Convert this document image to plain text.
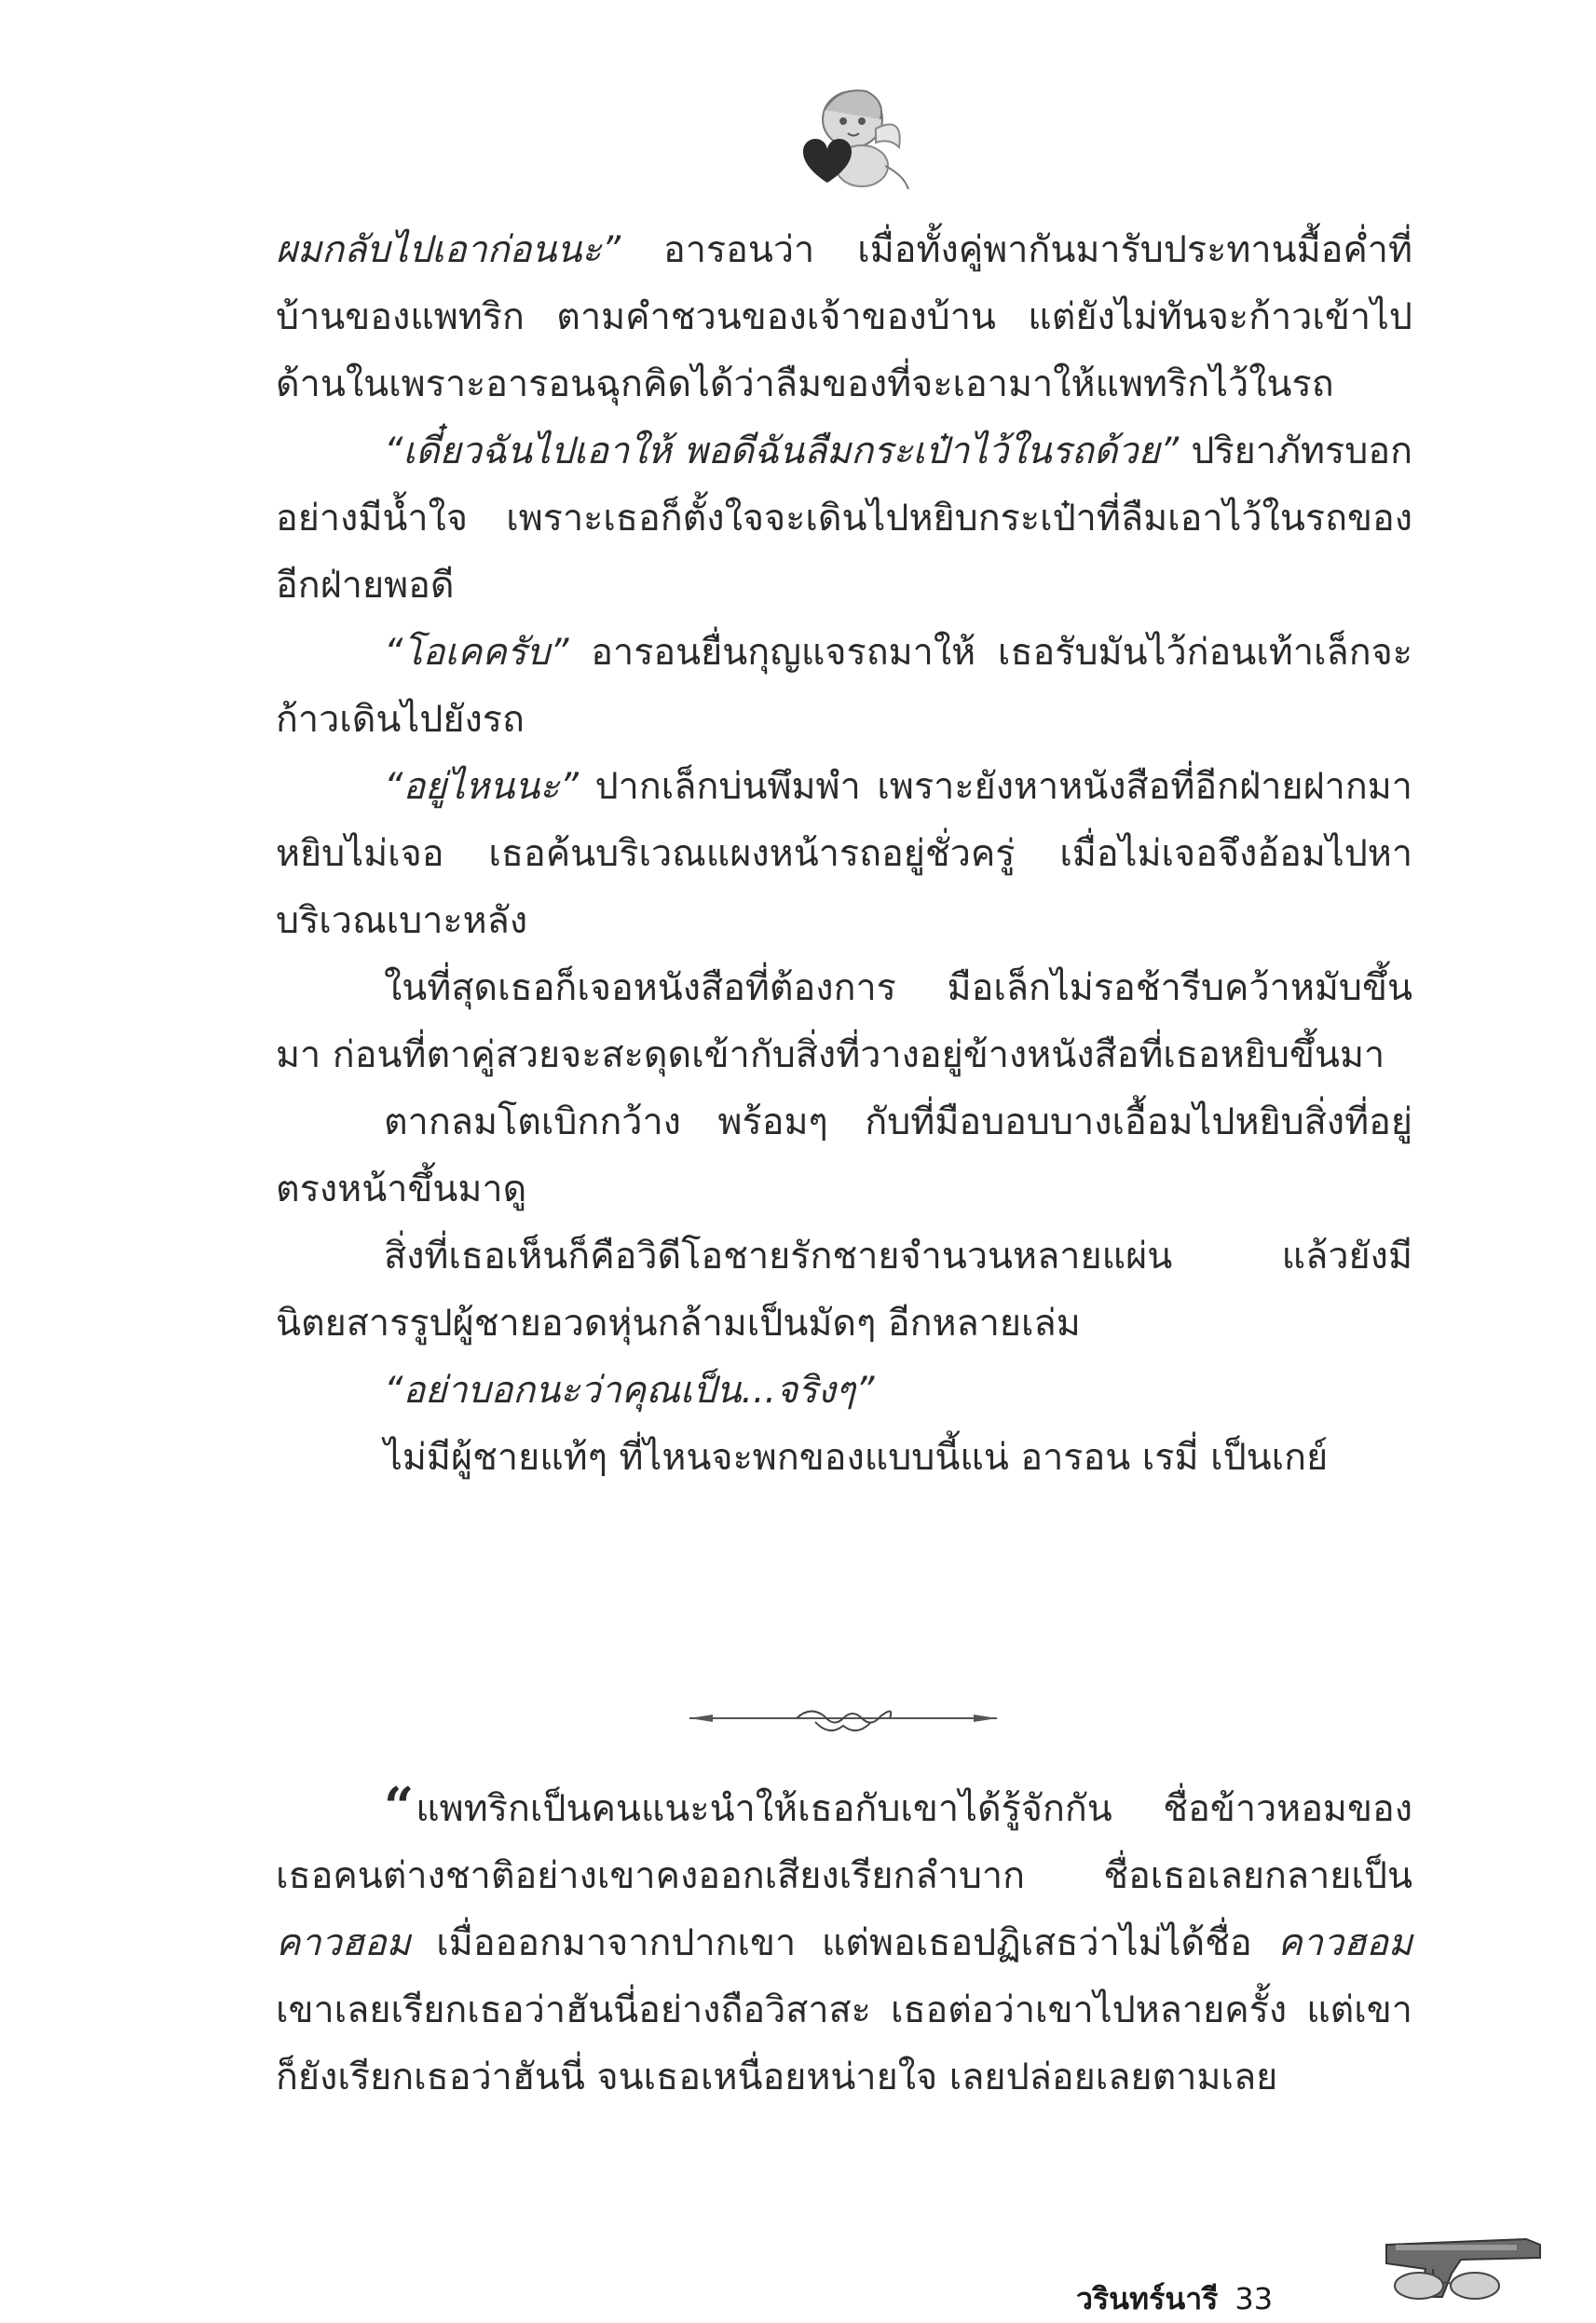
ผมกลับไปเอาก่อนนะ” อารอนว่า เมื่อทั้งคู่พากันมารับประทานมื้อค่ำที่บ้านของแพทริก ตามคำชวนของเจ้าของบ้าน แต่ยังไม่ทันจะก้าวเข้าไปด้านในเพราะอารอนฉุกคิดได้ว่าลืมของที่จะเอามาให้แพทริกไว้ในรถ

“เดี๋ยวฉันไปเอาให้ พอดีฉันลืมกระเป๋าไว้ในรถด้วย” ปริยาภัทรบอกอย่างมีน้ำใจ เพราะเธอก็ตั้งใจจะเดินไปหยิบกระเป๋าที่ลืมเอาไว้ในรถของอีกฝ่ายพอดี

“โอเคครับ” อารอนยื่นกุญแจรถมาให้ เธอรับมันไว้ก่อนเท้าเล็กจะก้าวเดินไปยังรถ

“อยู่ไหนนะ” ปากเล็กบ่นพึมพำ เพราะยังหาหนังสือที่อีกฝ่ายฝากมาหยิบไม่เจอ เธอค้นบริเวณแผงหน้ารถอยู่ชั่วครู่ เมื่อไม่เจอจึงอ้อมไปหาบริเวณเบาะหลัง

ในที่สุดเธอก็เจอหนังสือที่ต้องการ มือเล็กไม่รอช้ารีบคว้าหมับขึ้นมา ก่อนที่ตาคู่สวยจะสะดุดเข้ากับสิ่งที่วางอยู่ข้างหนังสือที่เธอหยิบขึ้นมา

ตากลมโตเบิกกว้าง พร้อมๆ กับที่มือบอบบางเอื้อมไปหยิบสิ่งที่อยู่ตรงหน้าขึ้นมาดู

สิ่งที่เธอเห็นก็คือวิดีโอชายรักชายจำนวนหลายแผ่น แล้วยังมีนิตยสารรูปผู้ชายอวดหุ่นกล้ามเป็นมัดๆ อีกหลายเล่ม

“อย่าบอกนะว่าคุณเป็น...จริงๆ”

ไม่มีผู้ชายแท้ๆ ที่ไหนจะพกของแบบนี้แน่ อารอน เรมี่ เป็นเกย์

“ แพทริกเป็นคนแนะนำให้เธอกับเขาได้รู้จักกัน ชื่อข้าวหอมของเธอคนต่างชาติอย่างเขาคงออกเสียงเรียกลำบาก ชื่อเธอเลยกลายเป็น คาวฮอม เมื่อออกมาจากปากเขา แต่พอเธอปฏิเสธว่าไม่ได้ชื่อ คาวฮอม เขาเลยเรียกเธอว่าฮันนี่อย่างถือวิสาสะ เธอต่อว่าเขาไปหลายครั้ง แต่เขาก็ยังเรียกเธอว่าฮันนี่ จนเธอเหนื่อยหน่ายใจ เลยปล่อยเลยตามเลย

วรินทร์นารี 33
